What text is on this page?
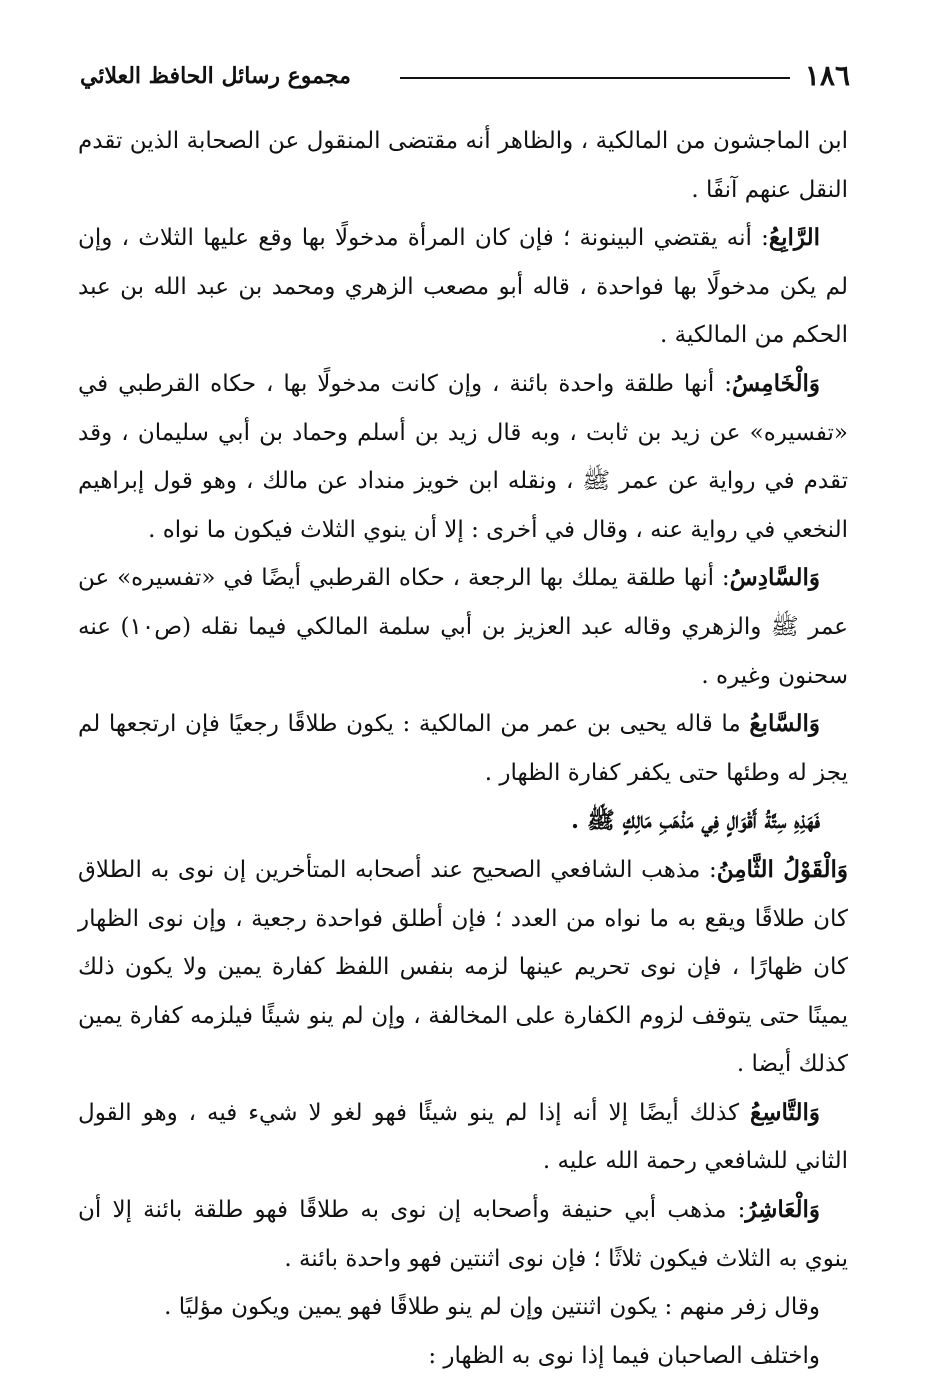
١٨٦
مجموع رسائل الحافظ العلائي

ابن الماجشون من المالكية ، والظاهر أنه مقتضى المنقول عن الصحابة الذين تقدم النقل عنهم آنفًا .

الرَّابِعُ: أنه يقتضي البينونة ؛ فإن كان المرأة مدخولًا بها وقع عليها الثلاث ، وإن لم يكن مدخولًا بها فواحدة ، قاله أبو مصعب الزهري ومحمد بن عبد الله بن عبد الحكم من المالكية .

وَالْخَامِسُ: أنها طلقة واحدة بائنة ، وإن كانت مدخولًا بها ، حكاه القرطبي في «تفسيره» عن زيد بن ثابت ، وبه قال زيد بن أسلم وحماد بن أبي سليمان ، وقد تقدم في رواية عن عمر ﷺ ، ونقله ابن خويز منداد عن مالك ، وهو قول إبراهيم النخعي في رواية عنه ، وقال في أخرى : إلا أن ينوي الثلاث فيكون ما نواه .

وَالسَّادِسُ: أنها طلقة يملك بها الرجعة ، حكاه القرطبي أيضًا في «تفسيره» عن عمر ﷺ والزهري وقاله عبد العزيز بن أبي سلمة المالكي فيما نقله (ص١٠) عنه سحنون وغيره .

وَالسَّابعُ ما قاله يحيى بن عمر من المالكية : يكون طلاقًا رجعيًا فإن ارتجعها لم يجز له وطئها حتى يكفر كفارة الظهار .

فَهَذِهِ سِتَّةُ أَقْوَالٍ فِي مَذْهَبِ مَالِكٍ ﷺ .

وَالْقَوْلُ الثَّامِنُ: مذهب الشافعي الصحيح عند أصحابه المتأخرين إن نوى به الطلاق كان طلاقًا ويقع به ما نواه من العدد ؛ فإن أطلق فواحدة رجعية ، وإن نوى الظهار كان ظهارًا ، فإن نوى تحريم عينها لزمه بنفس اللفظ كفارة يمين ولا يكون ذلك يمينًا حتى يتوقف لزوم الكفارة على المخالفة ، وإن لم ينو شيئًا فيلزمه كفارة يمين كذلك أيضا .

وَالتَّاسِعُ كذلك أيضًا إلا أنه إذا لم ينو شيئًا فهو لغو لا شيء فيه ، وهو القول الثاني للشافعي رحمة الله عليه .

وَالْعَاشِرُ: مذهب أبي حنيفة وأصحابه إن نوى به طلاقًا فهو طلقة بائنة إلا أن ينوي به الثلاث فيكون ثلاثًا ؛ فإن نوى اثنتين فهو واحدة بائنة .

وقال زفر منهم : يكون اثنتين وإن لم ينو طلاقًا فهو يمين ويكون مؤليًا .

واختلف الصاحبان فيما إذا نوى به الظهار :
